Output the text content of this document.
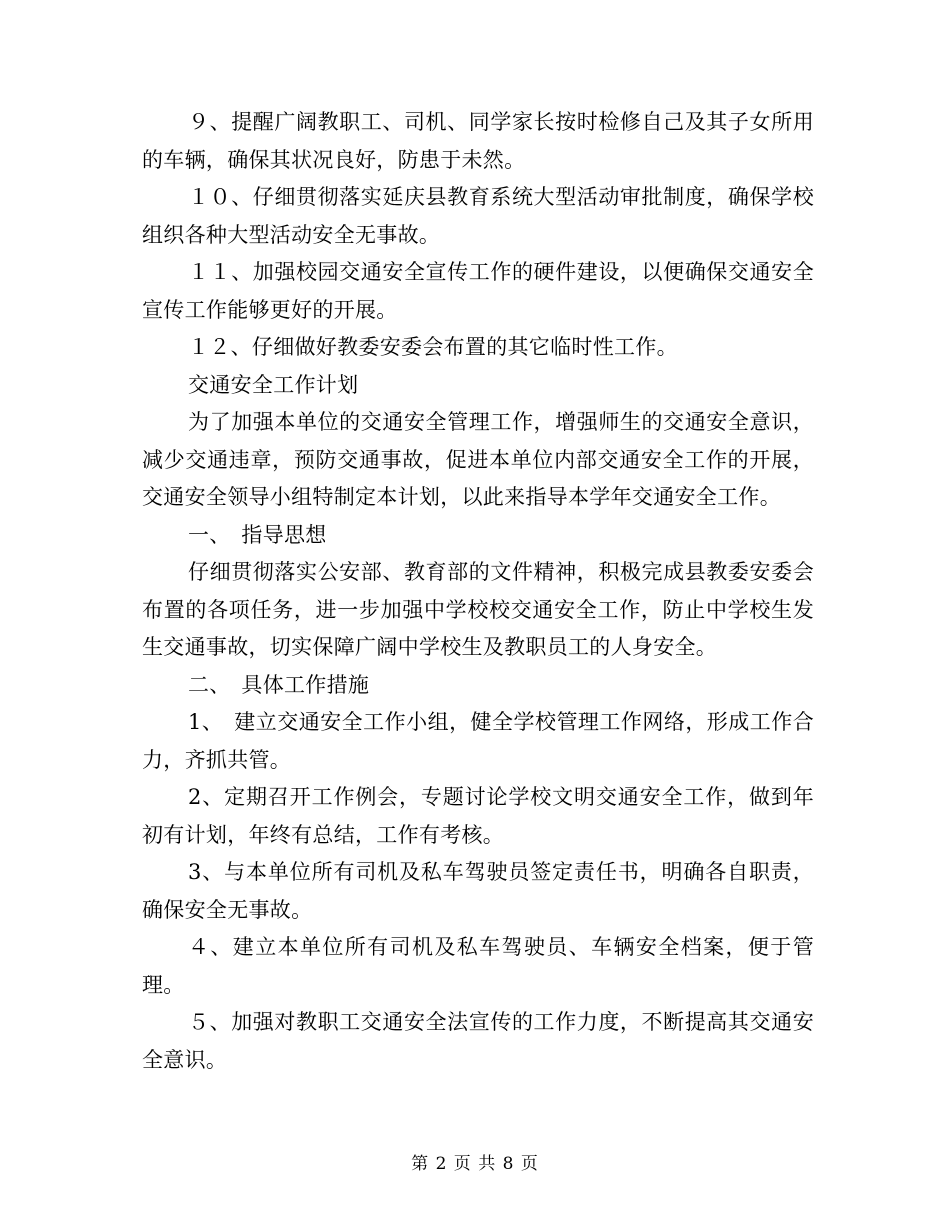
９、提醒广阔教职工、司机、同学家长按时检修自己及其子女所用的车辆，确保其状况良好，防患于未然。

１０、仔细贯彻落实延庆县教育系统大型活动审批制度，确保学校组织各种大型活动安全无事故。

１１、加强校园交通安全宣传工作的硬件建设，以便确保交通安全宣传工作能够更好的开展。

１２、仔细做好教委安委会布置的其它临时性工作。

交通安全工作计划

为了加强本单位的交通安全管理工作，增强师生的交通安全意识，减少交通违章，预防交通事故，促进本单位内部交通安全工作的开展，交通安全领导小组特制定本计划，以此来指导本学年交通安全工作。

一、　指导思想

仔细贯彻落实公安部、教育部的文件精神，积极完成县教委安委会布置的各项任务，进一步加强中学校校交通安全工作，防止中学校生发生交通事故，切实保障广阔中学校生及教职员工的人身安全。

二、　具体工作措施

1、　建立交通安全工作小组，健全学校管理工作网络，形成工作合力，齐抓共管。

2、定期召开工作例会，专题讨论学校文明交通安全工作，做到年初有计划，年终有总结，工作有考核。

3、与本单位所有司机及私车驾驶员签定责任书，明确各自职责，确保安全无事故。

４、建立本单位所有司机及私车驾驶员、车辆安全档案，便于管理。

５、加强对教职工交通安全法宣传的工作力度，不断提高其交通安全意识。

第 2 页 共 8 页
